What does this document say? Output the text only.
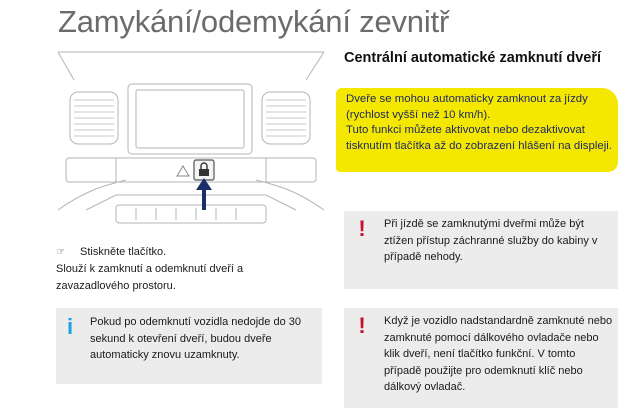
Zamykání/odemykání zevnitř
Centrální automatické zamknutí dveří

Dveře se mohou automaticky zamknout za jízdy (rychlost vyšší než 10 km/h).

Tuto funkci můžete aktivovat nebo dezaktivovat tisknutím tlačítka až do zobrazení hlášení na displeji.

☞	Stiskněte tlačítko.
Slouží k zamknutí a odemknutí dveří a zavazadlového prostoru.
i Pokud po odemknutí vozidla nedojde do 30 sekund k otevření dveří, budou dveře automaticky znovu uzamknuty.
! Při jízdě se zamknutými dveřmi může být ztížen přístup záchranné služby do kabiny v případě nehody.
! Když je vozidlo nadstandardně zamknuté nebo zamknuté pomocí dálkového ovladače nebo klik dveří, není tlačítko funkční. V tomto případě použijte pro odemknutí klíč nebo dálkový ovladač.
